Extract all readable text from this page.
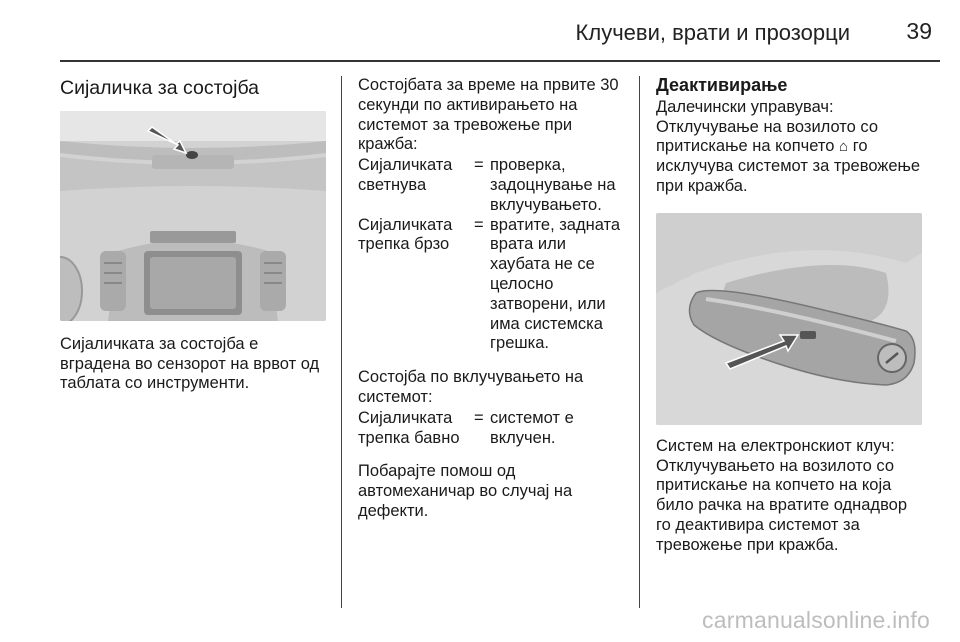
Клучеви, врати и прозорци	39
Сијаличка за состојба

Сијаличката за состојба е вградена во сензорот на врвот од таблата со инструменти.

Состојбата за време на првите 30 секунди по активирањето на системот за тревожење при кражба:

Сијаличката светнува	=	проверка, задоцнување на вклучувањето.
Сијаличката трепка брзо	=	вратите, задната врата или хаубата не се целосно затворени, или има системска грешка.

Состојба по вклучувањето на системот:

Сијаличката трепка бавно	=	системот е вклучен.

Побарајте помош од автомеханичар во случај на дефекти.

Деактивирање

Далечински управувач:

Отклучување на возилото со притискање на копчето ⌂ го исклучува системот за тревожење при кражба.

Систем на електронскиот клуч: Отклучувањето на возилото со притискање на копчето на која било рачка на вратите однадвор го деактивира системот за тревожење при кражба.

carmanualsonline.info
